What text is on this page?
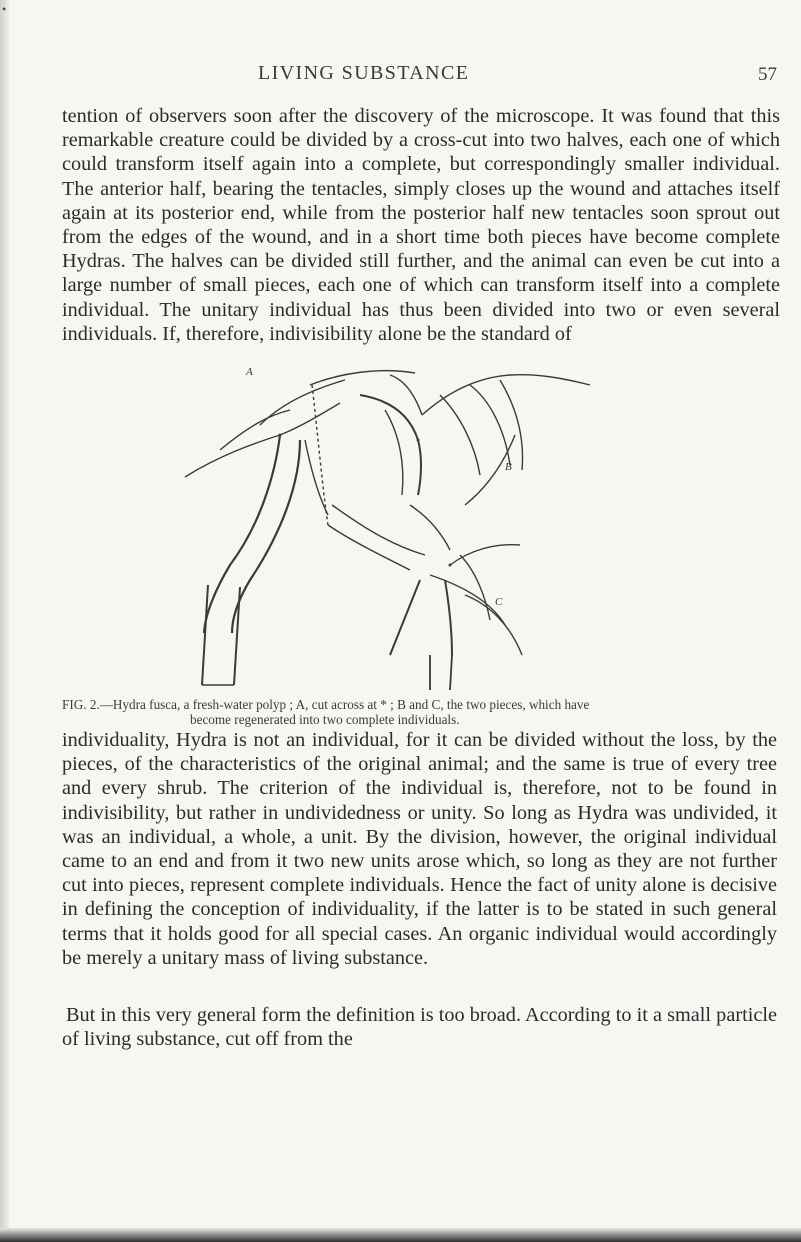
•
LIVING SUBSTANCE	57

tention of observers soon after the discovery of the microscope. It was found that this remarkable creature could be divided by a cross-cut into two halves, each one of which could transform itself again into a complete, but correspondingly smaller individual. The anterior half, bearing the tentacles, simply closes up the wound and attaches itself again at its posterior end, while from the posterior half new tentacles soon sprout out from the edges of the wound, and in a short time both pieces have become complete Hydras. The halves can be divided still further, and the animal can even be cut into a large number of small pieces, each one of which can transform itself into a complete individual. The unitary individual has thus been divided into two or even several individuals. If, therefore, indivisibility alone be the standard of

A
B
C
FIG. 2.—Hydra fusca, a fresh-water polyp ; A, cut across at * ; B and C, the two pieces, which have
become regenerated into two complete individuals.

individuality, Hydra is not an individual, for it can be divided without the loss, by the pieces, of the characteristics of the original animal; and the same is true of every tree and every shrub. The criterion of the individual is, therefore, not to be found in indivisibility, but rather in undividedness or unity. So long as Hydra was undivided, it was an individual, a whole, a unit. By the division, however, the original individual came to an end and from it two new units arose which, so long as they are not further cut into pieces, represent complete individuals. Hence the fact of unity alone is decisive in defining the conception of individuality, if the latter is to be stated in such general terms that it holds good for all special cases. An organic individual would accordingly be merely a unitary mass of living substance.

But in this very general form the definition is too broad. According to it a small particle of living substance, cut off from the
